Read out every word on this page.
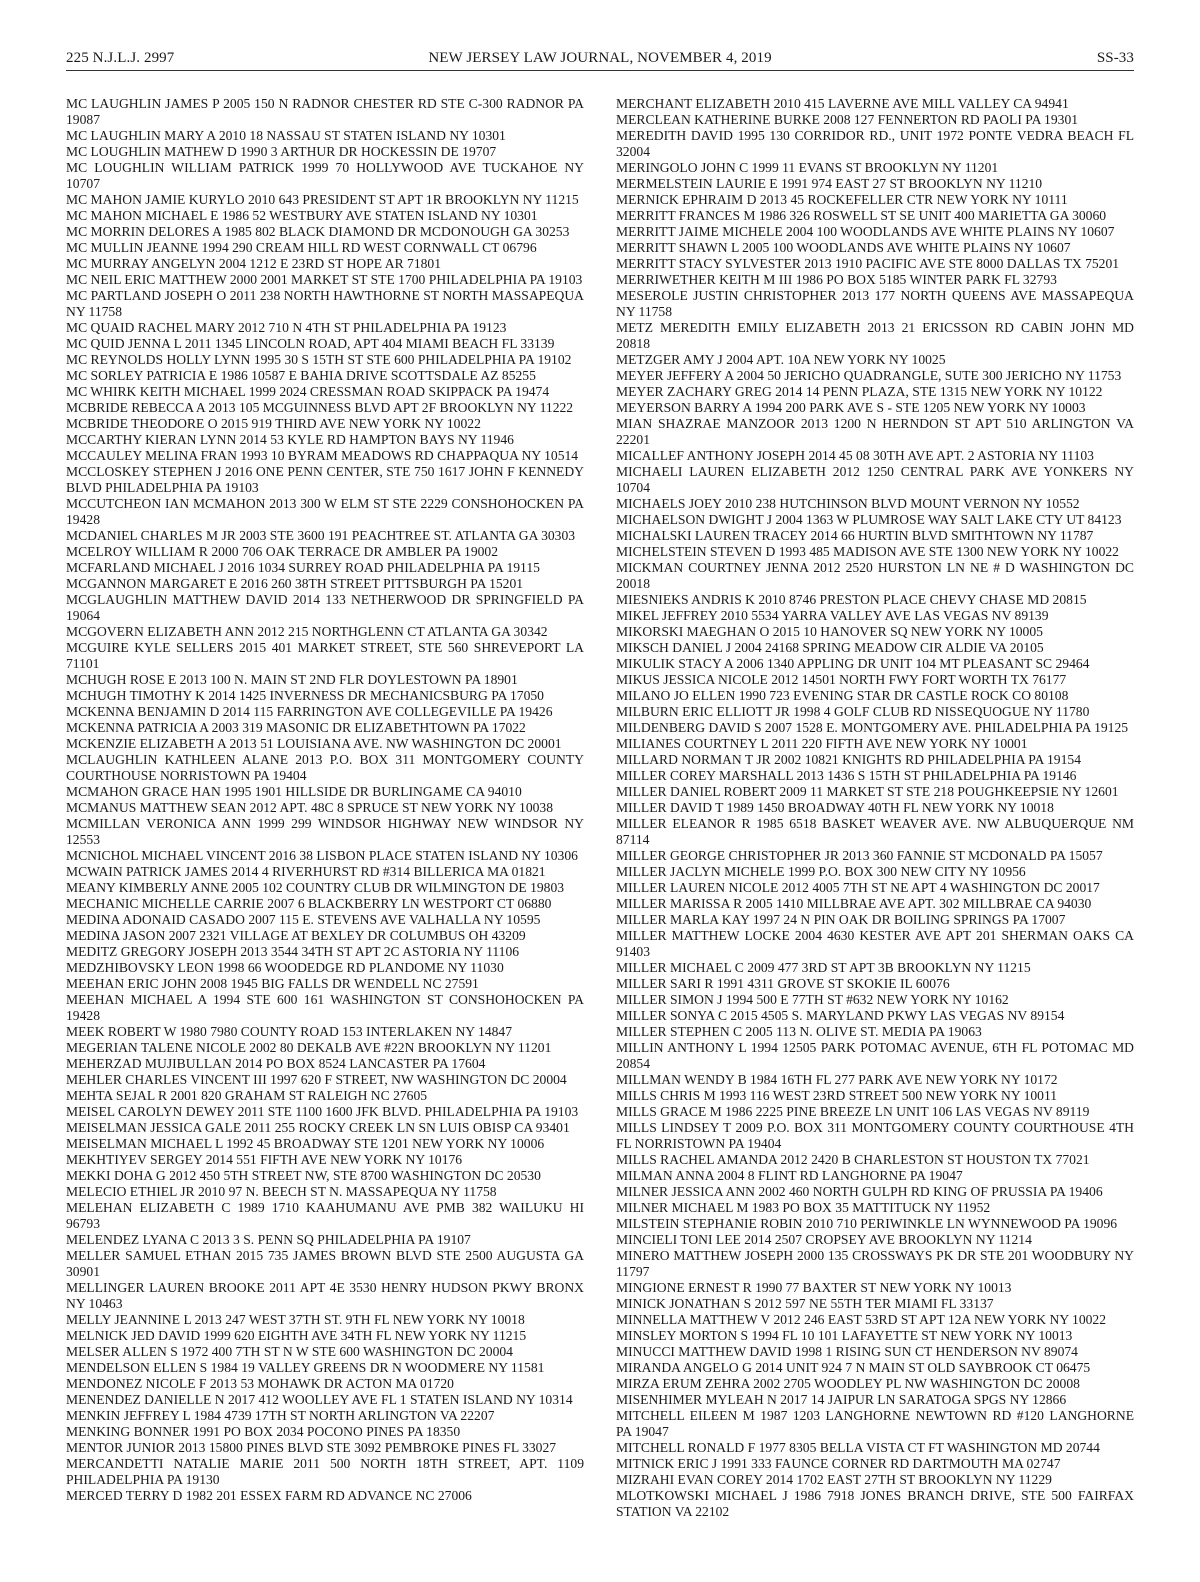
225 N.J.L.J. 2997	NEW JERSEY LAW JOURNAL, NOVEMBER 4, 2019	SS-33

MC LAUGHLIN JAMES P 2005 150 N RADNOR CHESTER RD STE C-300 RADNOR PA 19087

MC LAUGHLIN MARY A 2010 18 NASSAU ST STATEN ISLAND NY 10301

MC LOUGHLIN MATHEW D 1990 3 ARTHUR DR HOCKESSIN DE 19707

MC LOUGHLIN WILLIAM PATRICK 1999 70 HOLLYWOOD AVE TUCKAHOE NY 10707

MC MAHON JAMIE KURYLO 2010 643 PRESIDENT ST APT 1R BROOKLYN NY 11215

MC MAHON MICHAEL E 1986 52 WESTBURY AVE STATEN ISLAND NY 10301

MC MORRIN DELORES A 1985 802 BLACK DIAMOND DR MCDONOUGH GA 30253

MC MULLIN JEANNE 1994 290 CREAM HILL RD WEST CORNWALL CT 06796

MC MURRAY ANGELYN 2004 1212 E 23RD ST HOPE AR 71801

MC NEIL ERIC MATTHEW 2000 2001 MARKET ST STE 1700 PHILADELPHIA PA 19103

MC PARTLAND JOSEPH O 2011 238 NORTH HAWTHORNE ST NORTH MASSAPEQUA NY 11758

MC QUAID RACHEL MARY 2012 710 N 4TH ST PHILADELPHIA PA 19123

MC QUID JENNA L 2011 1345 LINCOLN ROAD, APT 404 MIAMI BEACH FL 33139

MC REYNOLDS HOLLY LYNN 1995 30 S 15TH ST STE 600 PHILADELPHIA PA 19102

MC SORLEY PATRICIA E 1986 10587 E BAHIA DRIVE SCOTTSDALE AZ 85255

MC WHIRK KEITH MICHAEL 1999 2024 CRESSMAN ROAD SKIPPACK PA 19474

MCBRIDE REBECCA A 2013 105 MCGUINNESS BLVD APT 2F BROOKLYN NY 11222

MCBRIDE THEODORE O 2015 919 THIRD AVE NEW YORK NY 10022

MCCARTHY KIERAN LYNN 2014 53 KYLE RD HAMPTON BAYS NY 11946

MCCAULEY MELINA FRAN 1993 10 BYRAM MEADOWS RD CHAPPAQUA NY 10514

MCCLOSKEY STEPHEN J 2016 ONE PENN CENTER, STE 750 1617 JOHN F KENNEDY BLVD PHILADELPHIA PA 19103

MCCUTCHEON IAN MCMAHON 2013 300 W ELM ST STE 2229 CONSHOHOCKEN PA 19428

MCDANIEL CHARLES M JR 2003 STE 3600 191 PEACHTREE ST. ATLANTA GA 30303

MCELROY WILLIAM R 2000 706 OAK TERRACE DR AMBLER PA 19002

MCFARLAND MICHAEL J 2016 1034 SURREY ROAD PHILADELPHIA PA 19115

MCGANNON MARGARET E 2016 260 38TH STREET PITTSBURGH PA 15201

MCGLAUGHLIN MATTHEW DAVID 2014 133 NETHERWOOD DR SPRINGFIELD PA 19064

MCGOVERN ELIZABETH ANN 2012 215 NORTHGLENN CT ATLANTA GA 30342

MCGUIRE KYLE SELLERS 2015 401 MARKET STREET, STE 560 SHREVEPORT LA 71101

MCHUGH ROSE E 2013 100 N. MAIN ST 2ND FLR DOYLESTOWN PA 18901

MCHUGH TIMOTHY K 2014 1425 INVERNESS DR MECHANICSBURG PA 17050

MCKENNA BENJAMIN D 2014 115 FARRINGTON AVE COLLEGEVILLE PA 19426

MCKENNA PATRICIA A 2003 319 MASONIC DR ELIZABETHTOWN PA 17022

MCKENZIE ELIZABETH A 2013 51 LOUISIANA AVE. NW WASHINGTON DC 20001

MCLAUGHLIN KATHLEEN ALANE 2013 P.O. BOX 311 MONTGOMERY COUNTY COURTHOUSE NORRISTOWN PA 19404

MCMAHON GRACE HAN 1995 1901 HILLSIDE DR BURLINGAME CA 94010

MCMANUS MATTHEW SEAN 2012 APT. 48C 8 SPRUCE ST NEW YORK NY 10038

MCMILLAN VERONICA ANN 1999 299 WINDSOR HIGHWAY NEW WINDSOR NY 12553

MCNICHOL MICHAEL VINCENT 2016 38 LISBON PLACE STATEN ISLAND NY 10306

MCWAIN PATRICK JAMES 2014 4 RIVERHURST RD #314 BILLERICA MA 01821

MEANY KIMBERLY ANNE 2005 102 COUNTRY CLUB DR WILMINGTON DE 19803

MECHANIC MICHELLE CARRIE 2007 6 BLACKBERRY LN WESTPORT CT 06880

MEDINA ADONAID CASADO 2007 115 E. STEVENS AVE VALHALLA NY 10595

MEDINA JASON 2007 2321 VILLAGE AT BEXLEY DR COLUMBUS OH 43209

MEDITZ GREGORY JOSEPH 2013 3544 34TH ST APT 2C ASTORIA NY 11106

MEDZHIBOVSKY LEON 1998 66 WOODEDGE RD PLANDOME NY 11030

MEEHAN ERIC JOHN 2008 1945 BIG FALLS DR WENDELL NC 27591

MEEHAN MICHAEL A 1994 STE 600 161 WASHINGTON ST CONSHOHOCKEN PA 19428

MEEK ROBERT W 1980 7980 COUNTY ROAD 153 INTERLAKEN NY 14847

MEGERIAN TALENE NICOLE 2002 80 DEKALB AVE #22N BROOKLYN NY 11201

MEHERZAD MUJIBULLAN 2014 PO BOX 8524 LANCASTER PA 17604

MEHLER CHARLES VINCENT III 1997 620 F STREET, NW WASHINGTON DC 20004

MEHTA SEJAL R 2001 820 GRAHAM ST RALEIGH NC 27605

MEISEL CAROLYN DEWEY 2011 STE 1100 1600 JFK BLVD. PHILADELPHIA PA 19103

MEISELMAN JESSICA GALE 2011 255 ROCKY CREEK LN SN LUIS OBISP CA 93401

MEISELMAN MICHAEL L 1992 45 BROADWAY STE 1201 NEW YORK NY 10006

MEKHTIYEV SERGEY 2014 551 FIFTH AVE NEW YORK NY 10176

MEKKI DOHA G 2012 450 5TH STREET NW, STE 8700 WASHINGTON DC 20530

MELECIO ETHIEL JR 2010 97 N. BEECH ST N. MASSAPEQUA NY 11758

MELEHAN ELIZABETH C 1989 1710 KAAHUMANU AVE PMB 382 WAILUKU HI 96793

MELENDEZ LYANA C 2013 3 S. PENN SQ PHILADELPHIA PA 19107

MELLER SAMUEL ETHAN 2015 735 JAMES BROWN BLVD STE 2500 AUGUSTA GA 30901

MELLINGER LAUREN BROOKE 2011 APT 4E 3530 HENRY HUDSON PKWY BRONX NY 10463

MELLY JEANNINE L 2013 247 WEST 37TH ST. 9TH FL NEW YORK NY 10018

MELNICK JED DAVID 1999 620 EIGHTH AVE 34TH FL NEW YORK NY 11215

MELSER ALLEN S 1972 400 7TH ST N W STE 600 WASHINGTON DC 20004

MENDELSON ELLEN S 1984 19 VALLEY GREENS DR N WOODMERE NY 11581

MENDONEZ NICOLE F 2013 53 MOHAWK DR ACTON MA 01720

MENENDEZ DANIELLE N 2017 412 WOOLLEY AVE FL 1 STATEN ISLAND NY 10314

MENKIN JEFFREY L 1984 4739 17TH ST NORTH ARLINGTON VA 22207

MENKING BONNER 1991 PO BOX 2034 POCONO PINES PA 18350

MENTOR JUNIOR 2013 15800 PINES BLVD STE 3092 PEMBROKE PINES FL 33027

MERCANDETTI NATALIE MARIE 2011 500 NORTH 18TH STREET, APT. 1109 PHILADELPHIA PA 19130

MERCED TERRY D 1982 201 ESSEX FARM RD ADVANCE NC 27006

MERCHANT ELIZABETH 2010 415 LAVERNE AVE MILL VALLEY CA 94941

MERCLEAN KATHERINE BURKE 2008 127 FENNERTON RD PAOLI PA 19301

MEREDITH DAVID 1995 130 CORRIDOR RD., UNIT 1972 PONTE VEDRA BEACH FL 32004

MERINGOLO JOHN C 1999 11 EVANS ST BROOKLYN NY 11201

MERMELSTEIN LAURIE E 1991 974 EAST 27 ST BROOKLYN NY 11210

MERNICK EPHRAIM D 2013 45 ROCKEFELLER CTR NEW YORK NY 10111

MERRITT FRANCES M 1986 326 ROSWELL ST SE UNIT 400 MARIETTA GA 30060

MERRITT JAIME MICHELE 2004 100 WOODLANDS AVE WHITE PLAINS NY 10607

MERRITT SHAWN L 2005 100 WOODLANDS AVE WHITE PLAINS NY 10607

MERRITT STACY SYLVESTER 2013 1910 PACIFIC AVE STE 8000 DALLAS TX 75201

MERRIWETHER KEITH M III 1986 PO BOX 5185 WINTER PARK FL 32793

MESEROLE JUSTIN CHRISTOPHER 2013 177 NORTH QUEENS AVE MASSAPEQUA NY 11758

METZ MEREDITH EMILY ELIZABETH 2013 21 ERICSSON RD CABIN JOHN MD 20818

METZGER AMY J 2004 APT. 10A NEW YORK NY 10025

MEYER JEFFERY A 2004 50 JERICHO QUADRANGLE, SUTE 300 JERICHO NY 11753

MEYER ZACHARY GREG 2014 14 PENN PLAZA, STE 1315 NEW YORK NY 10122

MEYERSON BARRY A 1994 200 PARK AVE S - STE 1205 NEW YORK NY 10003

MIAN SHAZRAE MANZOOR 2013 1200 N HERNDON ST APT 510 ARLINGTON VA 22201

MICALLEF ANTHONY JOSEPH 2014 45 08 30TH AVE APT. 2 ASTORIA NY 11103

MICHAELI LAUREN ELIZABETH 2012 1250 CENTRAL PARK AVE YONKERS NY 10704

MICHAELS JOEY 2010 238 HUTCHINSON BLVD MOUNT VERNON NY 10552

MICHAELSON DWIGHT J 2004 1363 W PLUMROSE WAY SALT LAKE CTY UT 84123

MICHALSKI LAUREN TRACEY 2014 66 HURTIN BLVD SMITHTOWN NY 11787

MICHELSTEIN STEVEN D 1993 485 MADISON AVE STE 1300 NEW YORK NY 10022

MICKMAN COURTNEY JENNA 2012 2520 HURSTON LN NE # D WASHINGTON DC 20018

MIESNIEKS ANDRIS K 2010 8746 PRESTON PLACE CHEVY CHASE MD 20815

MIKEL JEFFREY 2010 5534 YARRA VALLEY AVE LAS VEGAS NV 89139

MIKORSKI MAEGHAN O 2015 10 HANOVER SQ NEW YORK NY 10005

MIKSCH DANIEL J 2004 24168 SPRING MEADOW CIR ALDIE VA 20105

MIKULIK STACY A 2006 1340 APPLING DR UNIT 104 MT PLEASANT SC 29464

MIKUS JESSICA NICOLE 2012 14501 NORTH FWY FORT WORTH TX 76177

MILANO JO ELLEN 1990 723 EVENING STAR DR CASTLE ROCK CO 80108

MILBURN ERIC ELLIOTT JR 1998 4 GOLF CLUB RD NISSEQUOGUE NY 11780

MILDENBERG DAVID S 2007 1528 E. MONTGOMERY AVE. PHILADELPHIA PA 19125

MILIANES COURTNEY L 2011 220 FIFTH AVE NEW YORK NY 10001

MILLARD NORMAN T JR 2002 10821 KNIGHTS RD PHILADELPHIA PA 19154

MILLER COREY MARSHALL 2013 1436 S 15TH ST PHILADELPHIA PA 19146

MILLER DANIEL ROBERT 2009 11 MARKET ST STE 218 POUGHKEEPSIE NY 12601

MILLER DAVID T 1989 1450 BROADWAY 40TH FL NEW YORK NY 10018

MILLER ELEANOR R 1985 6518 BASKET WEAVER AVE. NW ALBUQUERQUE NM 87114

MILLER GEORGE CHRISTOPHER JR 2013 360 FANNIE ST MCDONALD PA 15057

MILLER JACLYN MICHELE 1999 P.O. BOX 300 NEW CITY NY 10956

MILLER LAUREN NICOLE 2012 4005 7TH ST NE APT 4 WASHINGTON DC 20017

MILLER MARISSA R 2005 1410 MILLBRAE AVE APT. 302 MILLBRAE CA 94030

MILLER MARLA KAY 1997 24 N PIN OAK DR BOILING SPRINGS PA 17007

MILLER MATTHEW LOCKE 2004 4630 KESTER AVE APT 201 SHERMAN OAKS CA 91403

MILLER MICHAEL C 2009 477 3RD ST APT 3B BROOKLYN NY 11215

MILLER SARI R 1991 4311 GROVE ST SKOKIE IL 60076

MILLER SIMON J 1994 500 E 77TH ST #632 NEW YORK NY 10162

MILLER SONYA C 2015 4505 S. MARYLAND PKWY LAS VEGAS NV 89154

MILLER STEPHEN C 2005 113 N. OLIVE ST. MEDIA PA 19063

MILLIN ANTHONY L 1994 12505 PARK POTOMAC AVENUE, 6TH FL POTOMAC MD 20854

MILLMAN WENDY B 1984 16TH FL 277 PARK AVE NEW YORK NY 10172

MILLS CHRIS M 1993 116 WEST 23RD STREET 500 NEW YORK NY 10011

MILLS GRACE M 1986 2225 PINE BREEZE LN UNIT 106 LAS VEGAS NV 89119

MILLS LINDSEY T 2009 P.O. BOX 311 MONTGOMERY COUNTY COURTHOUSE 4TH FL NORRISTOWN PA 19404

MILLS RACHEL AMANDA 2012 2420 B CHARLESTON ST HOUSTON TX 77021

MILMAN ANNA 2004 8 FLINT RD LANGHORNE PA 19047

MILNER JESSICA ANN 2002 460 NORTH GULPH RD KING OF PRUSSIA PA 19406

MILNER MICHAEL M 1983 PO BOX 35 MATTITUCK NY 11952

MILSTEIN STEPHANIE ROBIN 2010 710 PERIWINKLE LN WYNNEWOOD PA 19096

MINCIELI TONI LEE 2014 2507 CROPSEY AVE BROOKLYN NY 11214

MINERO MATTHEW JOSEPH 2000 135 CROSSWAYS PK DR STE 201 WOODBURY NY 11797

MINGIONE ERNEST R 1990 77 BAXTER ST NEW YORK NY 10013

MINICK JONATHAN S 2012 597 NE 55TH TER MIAMI FL 33137

MINNELLA MATTHEW V 2012 246 EAST 53RD ST APT 12A NEW YORK NY 10022

MINSLEY MORTON S 1994 FL 10 101 LAFAYETTE ST NEW YORK NY 10013

MINUCCI MATTHEW DAVID 1998 1 RISING SUN CT HENDERSON NV 89074

MIRANDA ANGELO G 2014 UNIT 924 7 N MAIN ST OLD SAYBROOK CT 06475

MIRZA ERUM ZEHRA 2002 2705 WOODLEY PL NW WASHINGTON DC 20008

MISENHIMER MYLEAH N 2017 14 JAIPUR LN SARATOGA SPGS NY 12866

MITCHELL EILEEN M 1987 1203 LANGHORNE NEWTOWN RD #120 LANGHORNE PA 19047

MITCHELL RONALD F 1977 8305 BELLA VISTA CT FT WASHINGTON MD 20744

MITNICK ERIC J 1991 333 FAUNCE CORNER RD DARTMOUTH MA 02747

MIZRAHI EVAN COREY 2014 1702 EAST 27TH ST BROOKLYN NY 11229

MLOTKOWSKI MICHAEL J 1986 7918 JONES BRANCH DRIVE, STE 500 FAIRFAX STATION VA 22102
